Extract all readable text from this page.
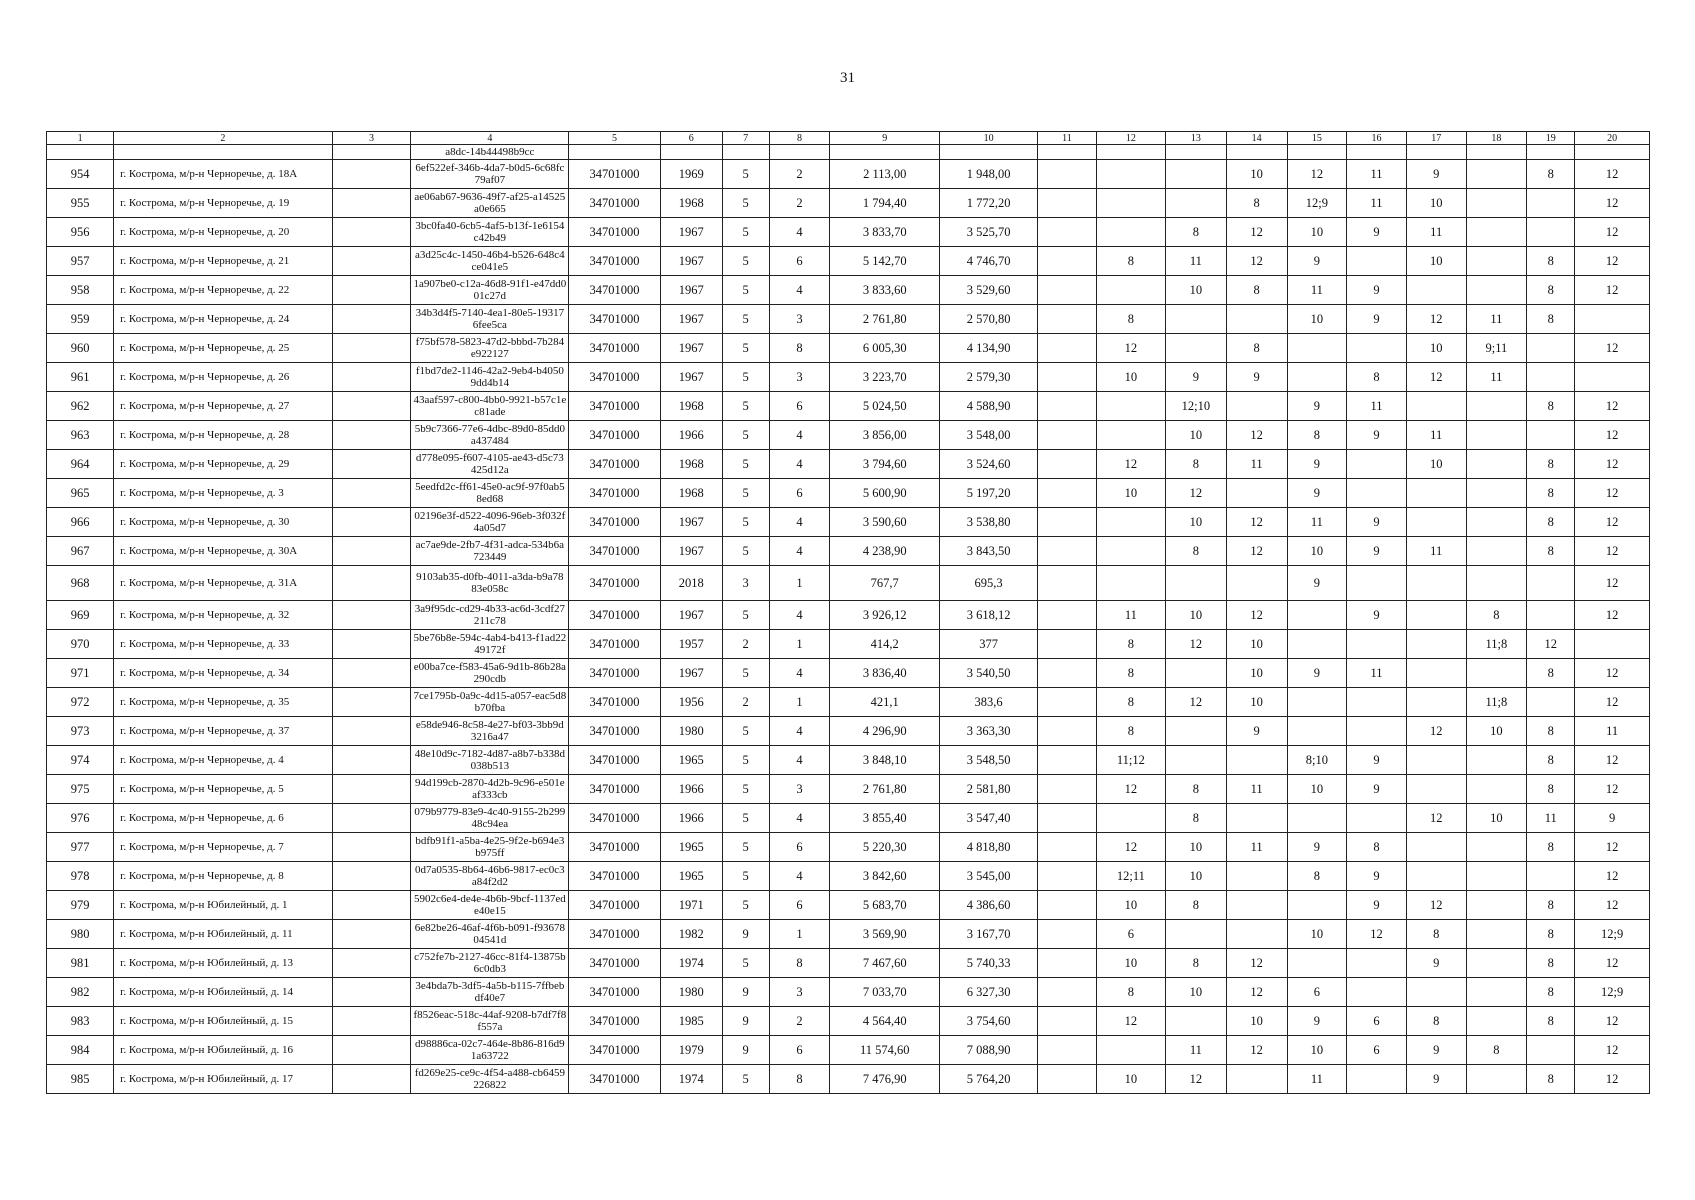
31
1	2	3	4	5	6	7	8	9	10	11	12	13	14	15	16	17	18	19	20
			a8dc-14b44498b9cc																
954	г. Кострома, м/р-н Черноречье, д. 18А		6ef522ef-346b-4da7-b0d5-6c68fc79af07	34701000	1969	5	2	2 113,00	1 948,00				10	12	11	9		8	12
955	г. Кострома, м/р-н Черноречье, д. 19		ae06ab67-9636-49f7-af25-a14525a0e665	34701000	1968	5	2	1 794,40	1 772,20				8	12;9	11	10			12
956	г. Кострома, м/р-н Черноречье, д. 20		3bc0fa40-6cb5-4af5-b13f-1e6154c42b49	34701000	1967	5	4	3 833,70	3 525,70			8	12	10	9	11			12
957	г. Кострома, м/р-н Черноречье, д. 21		a3d25c4c-1450-46b4-b526-648c4ce041e5	34701000	1967	5	6	5 142,70	4 746,70		8	11	12	9		10		8	12
958	г. Кострома, м/р-н Черноречье, д. 22		1a907be0-c12a-46d8-91f1-e47dd001c27d	34701000	1967	5	4	3 833,60	3 529,60			10	8	11	9			8	12
959	г. Кострома, м/р-н Черноречье, д. 24		34b3d4f5-7140-4ea1-80e5-193176fee5ca	34701000	1967	5	3	2 761,80	2 570,80		8			10	9	12	11	8	
960	г. Кострома, м/р-н Черноречье, д. 25		f75bf578-5823-47d2-bbbd-7b284e922127	34701000	1967	5	8	6 005,30	4 134,90		12		8			10	9;11		12
961	г. Кострома, м/р-н Черноречье, д. 26		f1bd7de2-1146-42a2-9eb4-b40509dd4b14	34701000	1967	5	3	3 223,70	2 579,30		10	9	9		8	12	11		
962	г. Кострома, м/р-н Черноречье, д. 27		43aaf597-c800-4bb0-9921-b57c1ec81ade	34701000	1968	5	6	5 024,50	4 588,90			12;10		9	11			8	12
963	г. Кострома, м/р-н Черноречье, д. 28		5b9c7366-77e6-4dbc-89d0-85dd0a437484	34701000	1966	5	4	3 856,00	3 548,00			10	12	8	9	11			12
964	г. Кострома, м/р-н Черноречье, д. 29		d778e095-f607-4105-ae43-d5c73425d12a	34701000	1968	5	4	3 794,60	3 524,60		12	8	11	9		10		8	12
965	г. Кострома, м/р-н Черноречье, д. 3		5eedfd2c-ff61-45e0-ac9f-97f0ab58ed68	34701000	1968	5	6	5 600,90	5 197,20		10	12		9				8	12
966	г. Кострома, м/р-н Черноречье, д. 30		02196e3f-d522-4096-96eb-3f032f4a05d7	34701000	1967	5	4	3 590,60	3 538,80			10	12	11	9			8	12
967	г. Кострома, м/р-н Черноречье, д. 30А		ac7ae9de-2fb7-4f31-adca-534b6a723449	34701000	1967	5	4	4 238,90	3 843,50			8	12	10	9	11		8	12
968	г. Кострома, м/р-н Черноречье, д. 31А		9103ab35-d0fb-4011-a3da-b9a7883e058c	34701000	2018	3	1	767,7	695,3					9					12
969	г. Кострома, м/р-н Черноречье, д. 32		3a9f95dc-cd29-4b33-ac6d-3cdf27211c78	34701000	1967	5	4	3 926,12	3 618,12		11	10	12		9		8		12
970	г. Кострома, м/р-н Черноречье, д. 33		5be76b8e-594c-4ab4-b413-f1ad2249172f	34701000	1957	2	1	414,2	377		8	12	10				11;8	12	
971	г. Кострома, м/р-н Черноречье, д. 34		e00ba7ce-f583-45a6-9d1b-86b28a290cdb	34701000	1967	5	4	3 836,40	3 540,50		8		10	9	11			8	12
972	г. Кострома, м/р-н Черноречье, д. 35		7ce1795b-0a9c-4d15-a057-eac5d8b70fba	34701000	1956	2	1	421,1	383,6		8	12	10				11;8		12
973	г. Кострома, м/р-н Черноречье, д. 37		e58de946-8c58-4e27-bf03-3bb9d3216a47	34701000	1980	5	4	4 296,90	3 363,30		8		9			12	10	8	11
974	г. Кострома, м/р-н Черноречье, д. 4		48e10d9c-7182-4d87-a8b7-b338d038b513	34701000	1965	5	4	3 848,10	3 548,50		11;12			8;10	9			8	12
975	г. Кострома, м/р-н Черноречье, д. 5		94d199cb-2870-4d2b-9c96-e501eaf333cb	34701000	1966	5	3	2 761,80	2 581,80		12	8	11	10	9			8	12
976	г. Кострома, м/р-н Черноречье, д. 6		079b9779-83e9-4c40-9155-2b29948c94ea	34701000	1966	5	4	3 855,40	3 547,40			8				12	10	11	9
977	г. Кострома, м/р-н Черноречье, д. 7		bdfb91f1-a5ba-4e25-9f2e-b694e3b975ff	34701000	1965	5	6	5 220,30	4 818,80		12	10	11	9	8			8	12
978	г. Кострома, м/р-н Черноречье, д. 8		0d7a0535-8b64-46b6-9817-ec0c3a84f2d2	34701000	1965	5	4	3 842,60	3 545,00		12;11	10		8	9				12
979	г. Кострома, м/р-н Юбилейный, д. 1		5902c6e4-de4e-4b6b-9bcf-1137ede40e15	34701000	1971	5	6	5 683,70	4 386,60		10	8			9	12		8	12
980	г. Кострома, м/р-н Юбилейный, д. 11		6e82be26-46af-4f6b-b091-f9367804541d	34701000	1982	9	1	3 569,90	3 167,70		6			10	12	8		8	12;9
981	г. Кострома, м/р-н Юбилейный, д. 13		c752fe7b-2127-46cc-81f4-13875b6c0db3	34701000	1974	5	8	7 467,60	5 740,33		10	8	12			9		8	12
982	г. Кострома, м/р-н Юбилейный, д. 14		3e4bda7b-3df5-4a5b-b115-7ffbebdf40e7	34701000	1980	9	3	7 033,70	6 327,30		8	10	12	6				8	12;9
983	г. Кострома, м/р-н Юбилейный, д. 15		f8526eac-518c-44af-9208-b7df7f8f557a	34701000	1985	9	2	4 564,40	3 754,60		12		10	9	6	8		8	12
984	г. Кострома, м/р-н Юбилейный, д. 16		d98886ca-02c7-464e-8b86-816d91a63722	34701000	1979	9	6	11 574,60	7 088,90			11	12	10	6	9	8		12
985	г. Кострома, м/р-н Юбилейный, д. 17		fd269e25-ce9c-4f54-a488-cb6459226822	34701000	1974	5	8	7 476,90	5 764,20		10	12		11		9		8	12
